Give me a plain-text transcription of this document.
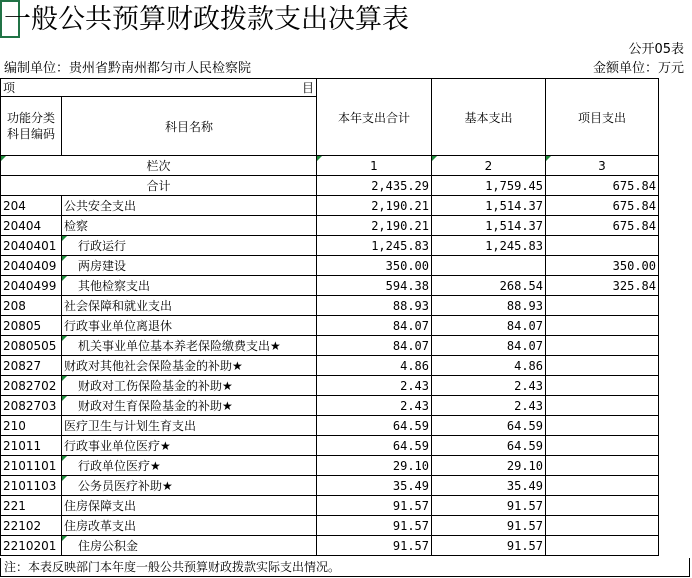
一般公共预算财政拨款支出决算表
公开05表
编制单位：贵州省黔南州都匀市人民检察院	金额单位：万元
项 目		本年支出合计	基本支出	项目支出
功能分类
科目编码	科目名称			

栏次		1	2	3
合计		2,435.29	1,759.45	675.84
204	公共安全支出	2,190.21	1,514.37	675.84
20404	检察	2,190.21	1,514.37	675.84
2040401	行政运行	1,245.83	1,245.83	
2040409	两房建设	350.00		350.00
2040499	其他检察支出	594.38	268.54	325.84
208	社会保障和就业支出	88.93	88.93	
20805	行政事业单位离退休	84.07	84.07	
2080505	机关事业单位基本养老保险缴费支出★	84.07	84.07	
20827	财政对其他社会保险基金的补助★	4.86	4.86	
2082702	财政对工伤保险基金的补助★	2.43	2.43	
2082703	财政对生育保险基金的补助★	2.43	2.43	
210	医疗卫生与计划生育支出	64.59	64.59	
21011	行政事业单位医疗★	64.59	64.59	
2101101	行政单位医疗★	29.10	29.10	
2101103	公务员医疗补助★	35.49	35.49	
221	住房保障支出	91.57	91.57	
22102	住房改革支出	91.57	91.57	
2210201	住房公积金	91.57	91.57	
注：本表反映部门本年度一般公共预算财政拨款实际支出情况。
